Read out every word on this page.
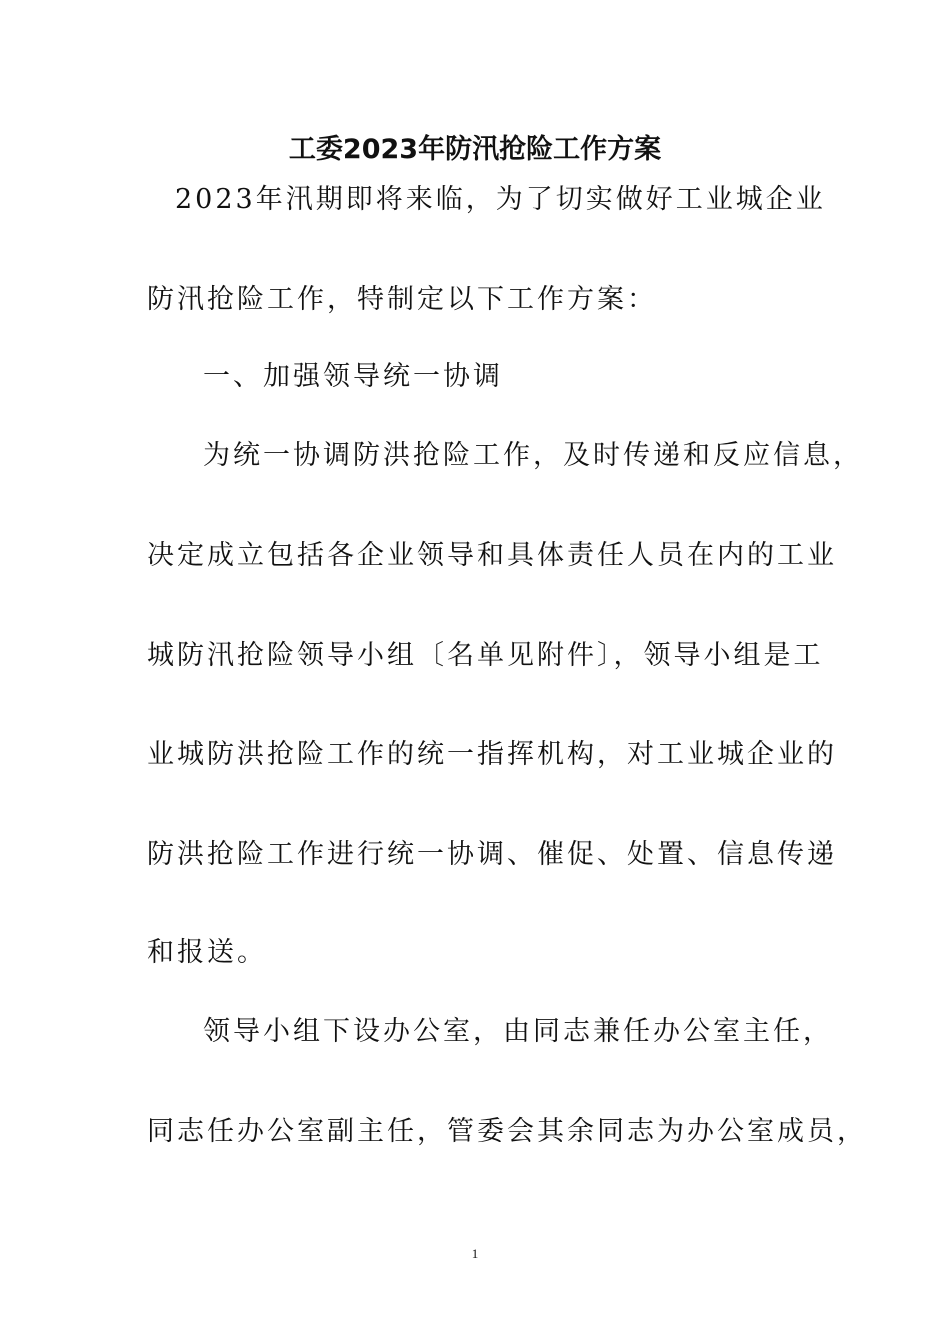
工委2023年防汛抢险工作方案
2023年汛期即将来临，为了切实做好工业城企业
防汛抢险工作，特制定以下工作方案：
一、加强领导统一协调
为统一协调防洪抢险工作，及时传递和反应信息，
决定成立包括各企业领导和具体责任人员在内的工业
城防汛抢险领导小组〔名单见附件〕，领导小组是工
业城防洪抢险工作的统一指挥机构，对工业城企业的
防洪抢险工作进行统一协调、催促、处置、信息传递
和报送。
领导小组下设办公室，由同志兼任办公室主任，
同志任办公室副主任，管委会其余同志为办公室成员，
1
